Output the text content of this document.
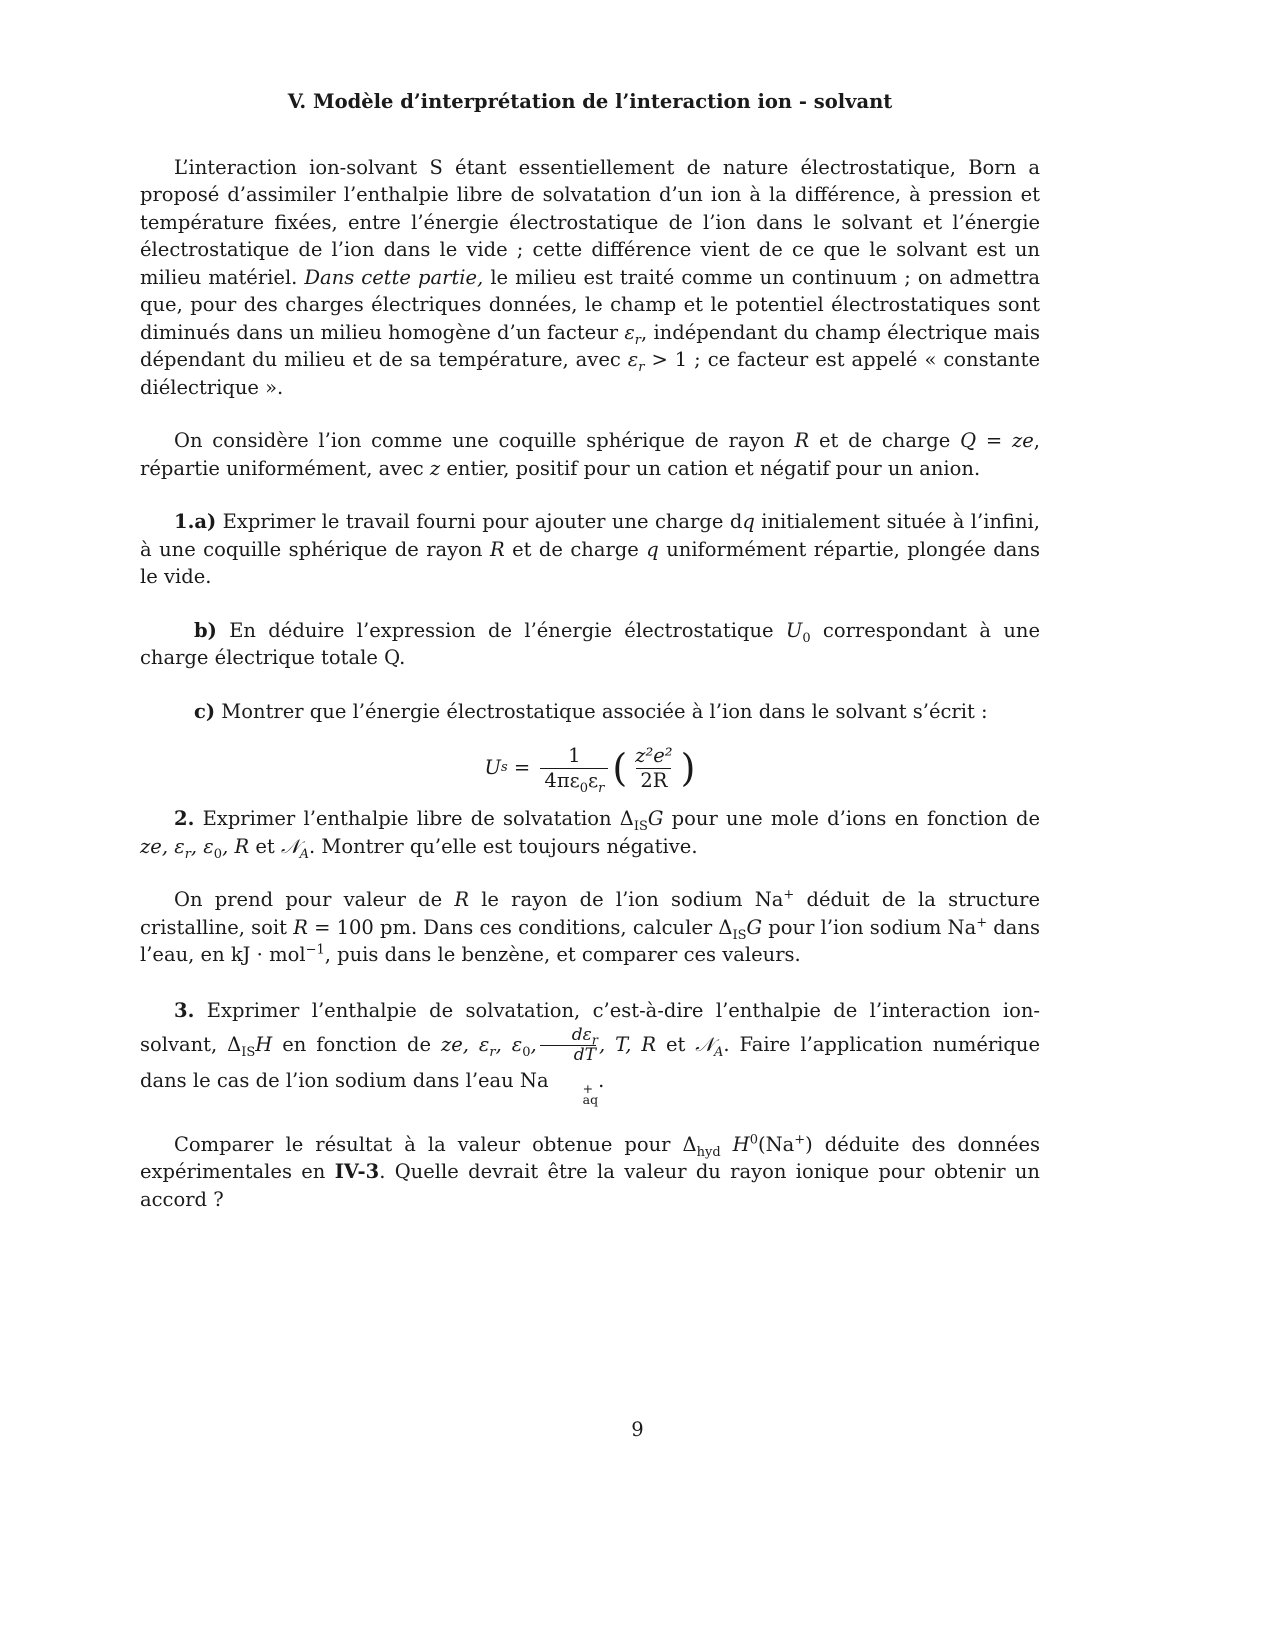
V. Modèle d’interprétation de l’interaction ion - solvant

L’interaction ion-solvant S étant essentiellement de nature électrostatique, Born a proposé d’assimiler l’enthalpie libre de solvatation d’un ion à la différence, à pression et température fixées, entre l’énergie électrostatique de l’ion dans le solvant et l’énergie électrostatique de l’ion dans le vide ; cette différence vient de ce que le solvant est un milieu matériel. Dans cette partie, le milieu est traité comme un continuum ; on admettra que, pour des charges électriques données, le champ et le potentiel électrostatiques sont diminués dans un milieu homogène d’un facteur $\varepsilon_r$, indépendant du champ électrique mais dépendant du milieu et de sa température, avec $\varepsilon_r > 1$ ; ce facteur est appelé « constante diélectrique ».

On considère l’ion comme une coquille sphérique de rayon R et de charge Q = ze, répartie uniformément, avec z entier, positif pour un cation et négatif pour un anion.

1.a) Exprimer le travail fourni pour ajouter une charge dq initialement située à l’infini, à une coquille sphérique de rayon R et de charge q uniformément répartie, plongée dans le vide.

b) En déduire l’expression de l’énergie électrostatique $U_0$ correspondant à une charge électrique totale Q.

c) Montrer que l’énergie électrostatique associée à l’ion dans le solvant s’écrit :

U $s = \frac{1}{4\pi\varepsilon_0\varepsilon_r}$ ( $\frac{\text{z²e²}}{2R}$ )

2. Exprimer l’enthalpie libre de solvatation $\Delta_{IS}G$ pour une mole d’ions en fonction de ze, $\varepsilon_r$, $\varepsilon_0$, R et 𝒩$_A$. Montrer qu’elle est toujours négative.

On prend pour valeur de R le rayon de l’ion sodium Na+ déduit de la structure cristalline, soit R = 100 pm. Dans ces conditions, calculer $\Delta_{IS}G$ pour l’ion sodium Na+ dans l’eau, en kJ · mol$^{-1}$, puis dans le benzène, et comparer ces valeurs.

3. Exprimer l’enthalpie de solvatation, c’est-à-dire l’enthalpie de l’interaction ion-solvant, $\Delta_{IS}H$ en fonction de ze, $\varepsilon_r$, $\varepsilon_0$, $\frac{d\varepsilon_r}{dT}$ , T, R et 𝒩$_A$. Faire l’application numérique dans le cas de l’ion sodium dans l’eau Na	+
aq
.

Comparer le résultat à la valeur obtenue pour $\Delta_{hyd}$ $H^0(Na^+)$ déduite des données expérimentales en IV-3. Quelle devrait être la valeur du rayon ionique pour obtenir un accord ?

9
